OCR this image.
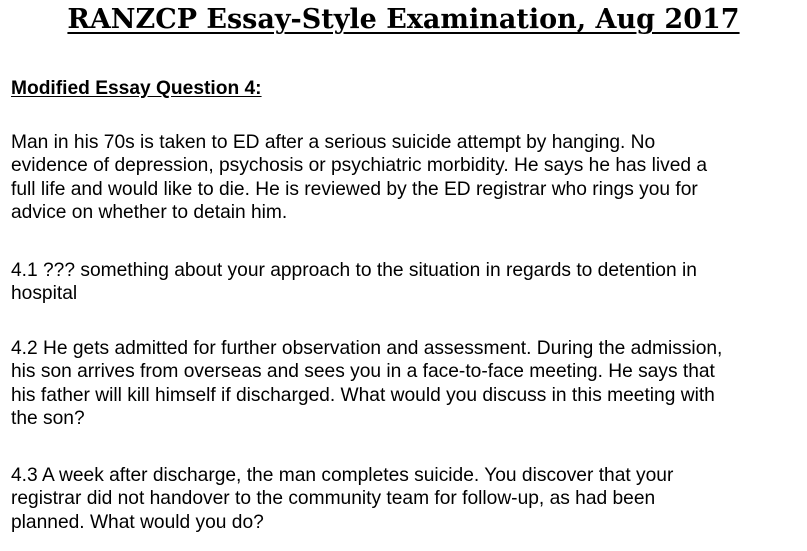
RANZCP Essay-Style Examination, Aug 2017
Modified Essay Question 4:
Man in his 70s is taken to ED after a serious suicide attempt by hanging. No
evidence of depression, psychosis or psychiatric morbidity. He says he has lived a
full life and would like to die. He is reviewed by the ED registrar who rings you for
advice on whether to detain him.
4.1 ??? something about your approach to the situation in regards to detention in
hospital
4.2 He gets admitted for further observation and assessment. During the admission,
his son arrives from overseas and sees you in a face-to-face meeting. He says that
his father will kill himself if discharged. What would you discuss in this meeting with
the son?
4.3 A week after discharge, the man completes suicide. You discover that your
registrar did not handover to the community team for follow-up, as had been
planned. What would you do?
